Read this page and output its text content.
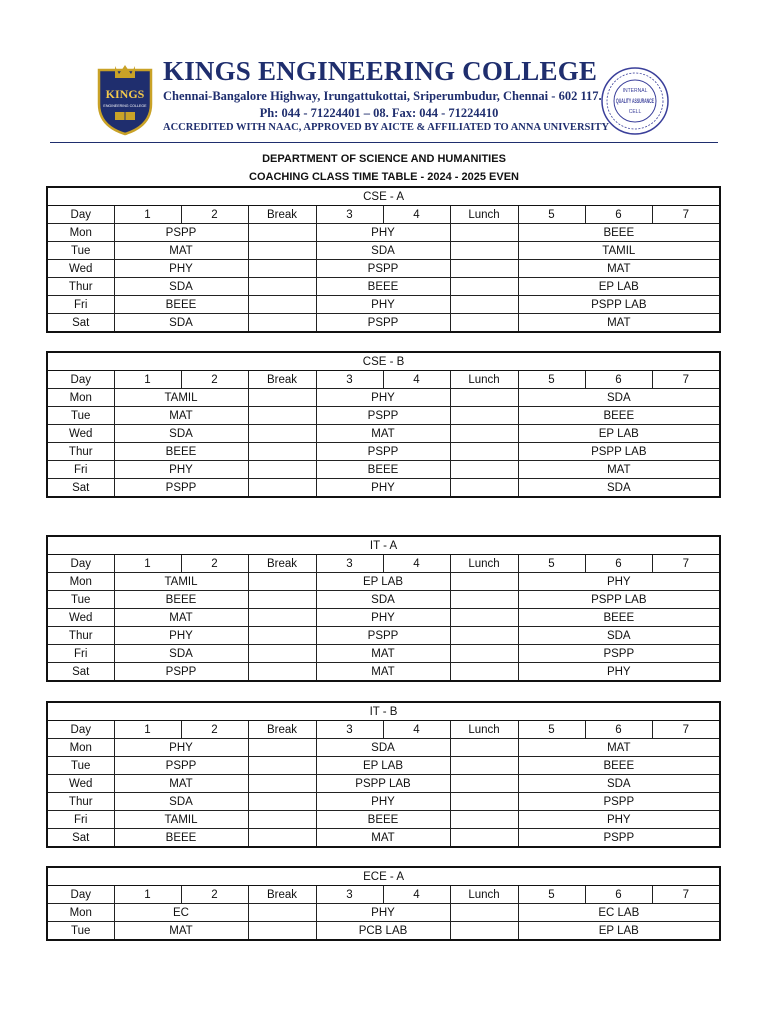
KINGS
ENGINEERING COLLEGE
KINGS ENGINEERING COLLEGE
Chennai-Bangalore Highway, Irungattukottai, Sriperumbudur, Chennai - 602 117.
Ph: 044 - 71224401 – 08. Fax: 044 - 71224410
ACCREDITED WITH NAAC, APPROVED BY AICTE & AFFILIATED TO ANNA UNIVERSITY
INTERNAL
QUALITY ASSURANCE
CELL
DEPARTMENT OF SCIENCE AND HUMANITIES
COACHING CLASS TIME TABLE - 2024 - 2025 EVEN
CSE - A									
Day	1	2	Break	3	4	Lunch	5	6	7
Mon	PSPP			PHY			BEEE		
Tue	MAT			SDA			TAMIL		
Wed	PHY			PSPP			MAT		
Thur	SDA			BEEE			EP LAB		
Fri	BEEE			PHY			PSPP LAB		
Sat	SDA			PSPP			MAT		
CSE - B									
Day	1	2	Break	3	4	Lunch	5	6	7
Mon	TAMIL			PHY			SDA		
Tue	MAT			PSPP			BEEE		
Wed	SDA			MAT			EP LAB		
Thur	BEEE			PSPP			PSPP LAB		
Fri	PHY			BEEE			MAT		
Sat	PSPP			PHY			SDA		
IT - A									
Day	1	2	Break	3	4	Lunch	5	6	7
Mon	TAMIL			EP LAB			PHY		
Tue	BEEE			SDA			PSPP LAB		
Wed	MAT			PHY			BEEE		
Thur	PHY			PSPP			SDA		
Fri	SDA			MAT			PSPP		
Sat	PSPP			MAT			PHY		
IT - B									
Day	1	2	Break	3	4	Lunch	5	6	7
Mon	PHY			SDA			MAT		
Tue	PSPP			EP LAB			BEEE		
Wed	MAT			PSPP LAB			SDA		
Thur	SDA			PHY			PSPP		
Fri	TAMIL			BEEE			PHY		
Sat	BEEE			MAT			PSPP		
ECE - A									
Day	1	2	Break	3	4	Lunch	5	6	7
Mon	EC			PHY			EC LAB		
Tue	MAT			PCB LAB			EP LAB		
